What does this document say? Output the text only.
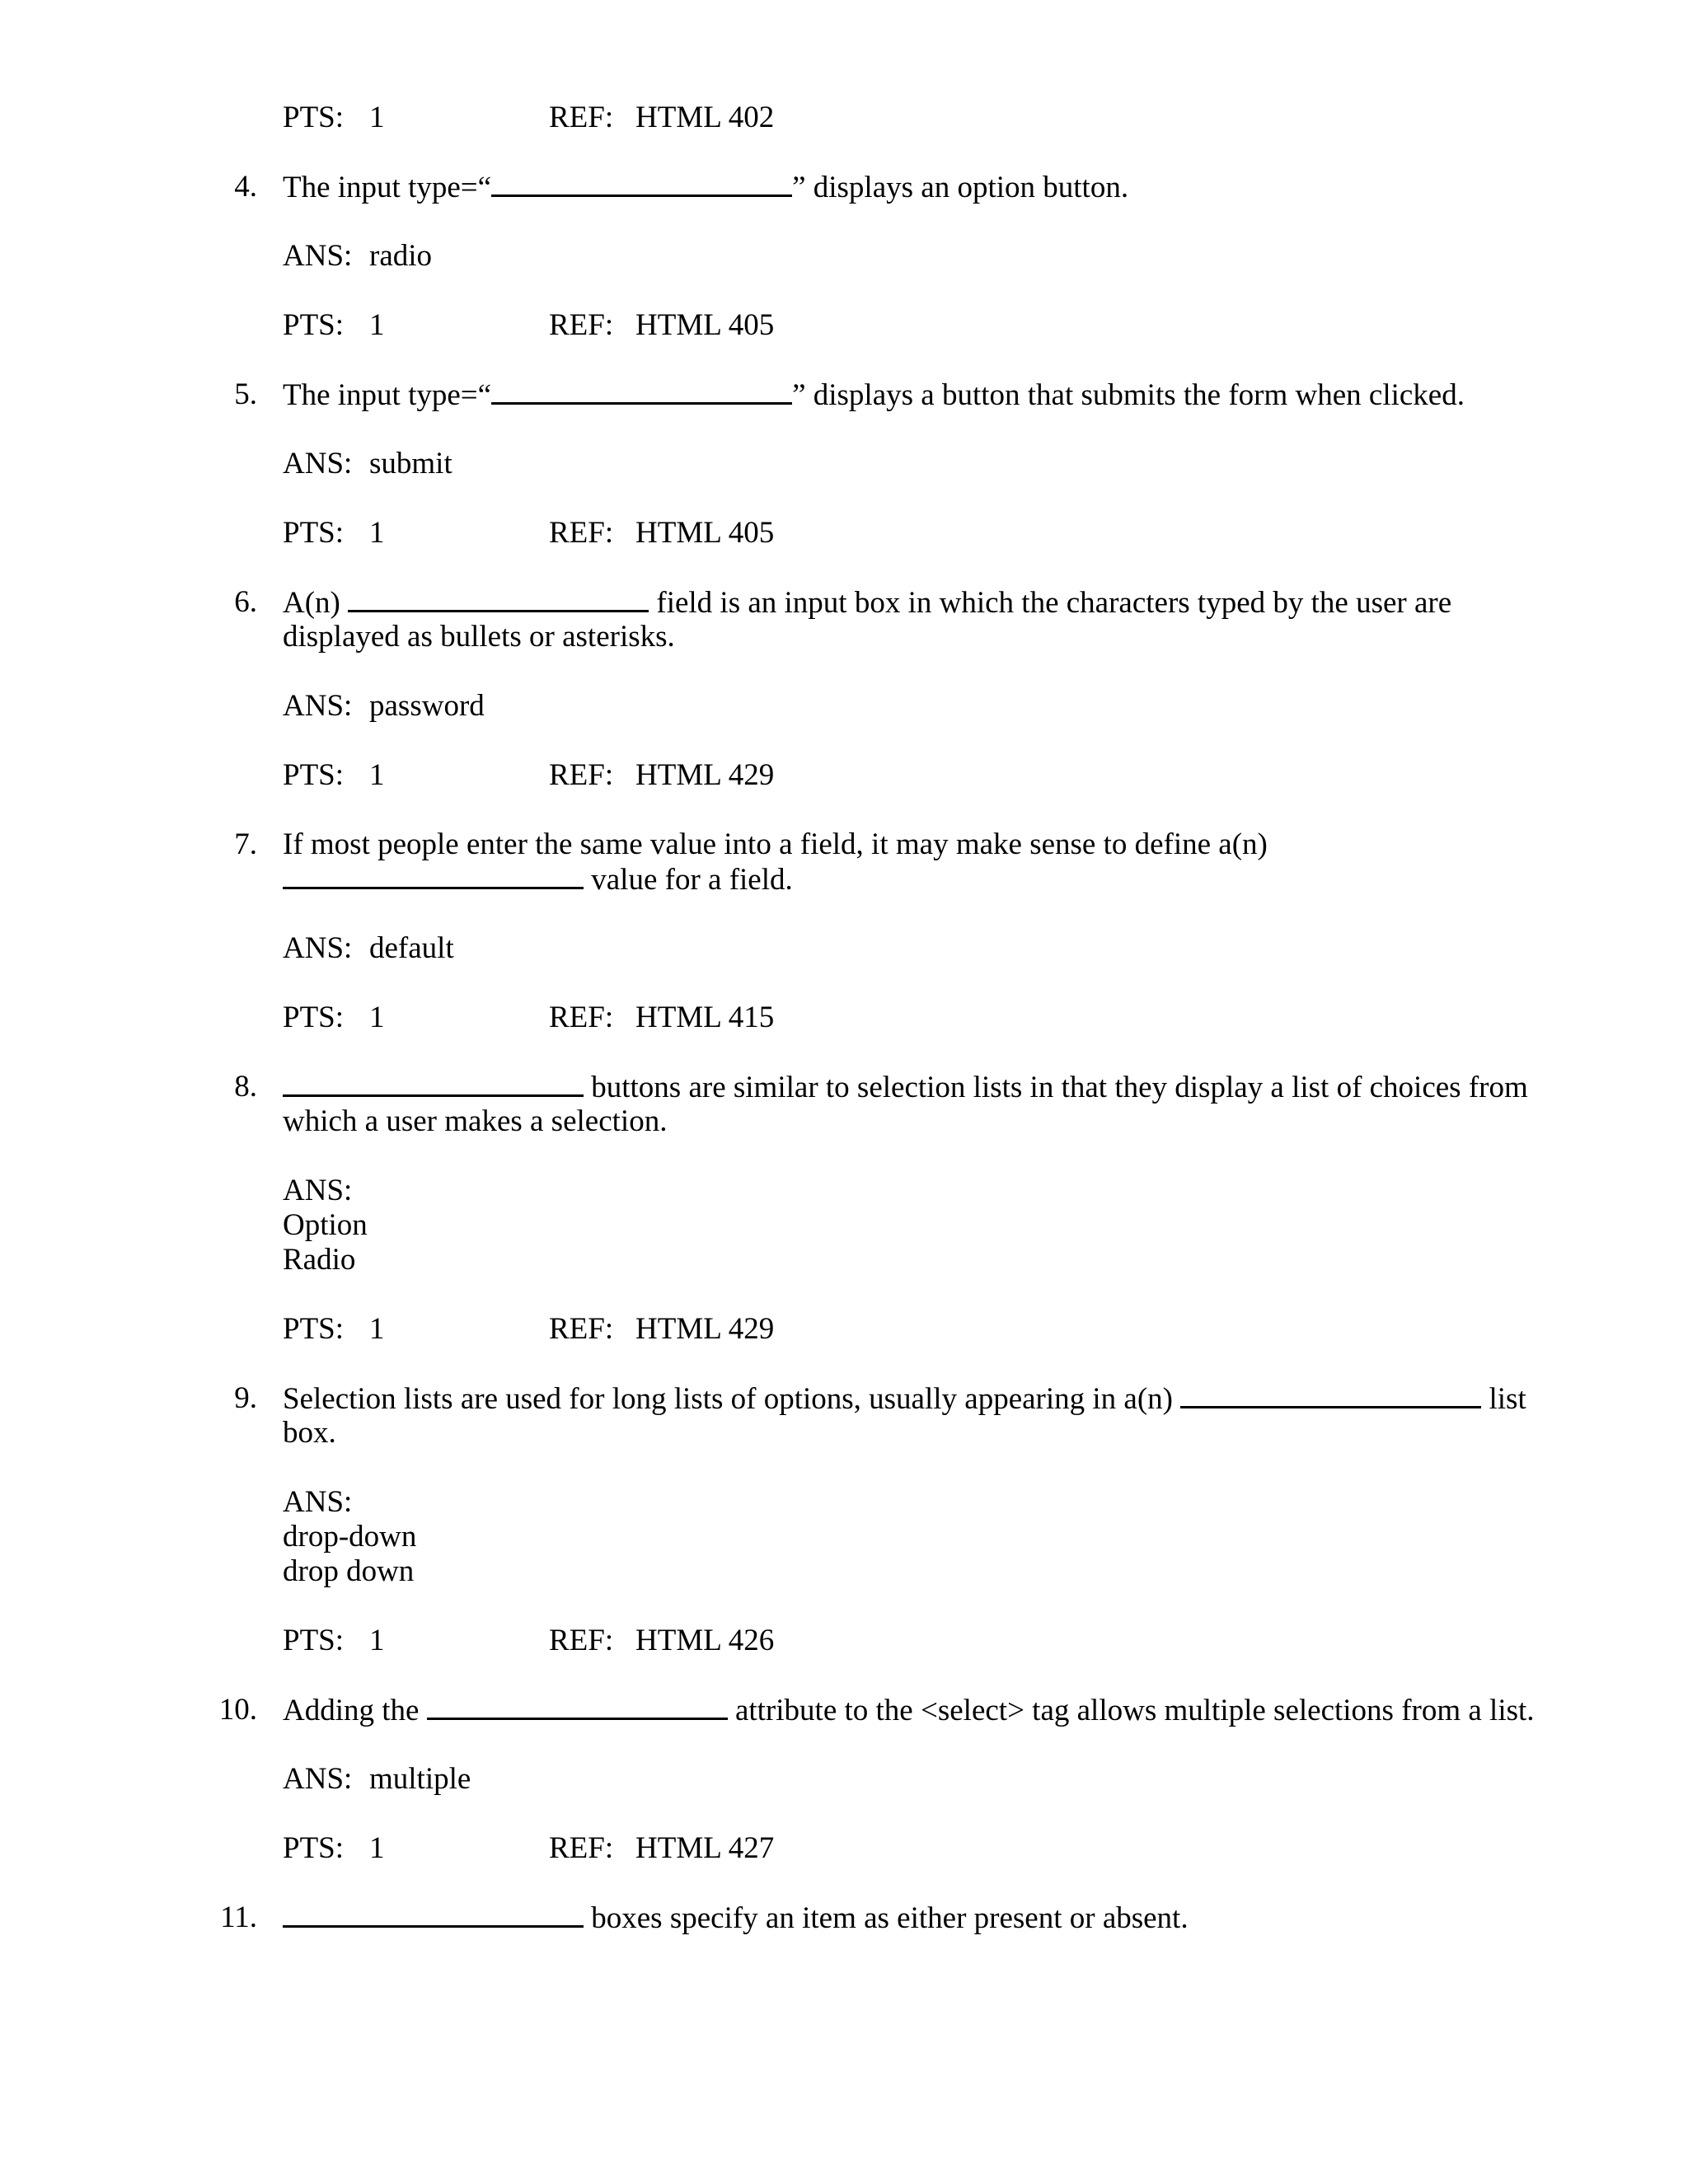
PTS: 1	REF: HTML 402
4. The input type=“	” displays an option button.
ANS: radio
PTS: 1	REF: HTML 405
5. The input type=“	” displays a button that submits the form when clicked.
ANS: submit
PTS: 1	REF: HTML 405
6. A(n)	field is an input box in which the characters typed by the user are
displayed as bullets or asterisks.
ANS: password
PTS: 1	REF: HTML 429
7. If most people enter the same value into a field, it may make sense to define a(n)
value for a field.
ANS: default
PTS: 1	REF: HTML 415
8.	buttons are similar to selection lists in that they display a list of choices from
which a user makes a selection.
ANS:
Option
Radio
PTS: 1	REF: HTML 429
9. Selection lists are used for long lists of options, usually appearing in a(n)	list
box.
ANS:
drop-down
drop down
PTS: 1	REF: HTML 426
10. Adding the	attribute to the <select> tag allows multiple selections from a list.
ANS: multiple
PTS: 1	REF: HTML 427
11.	boxes specify an item as either present or absent.
